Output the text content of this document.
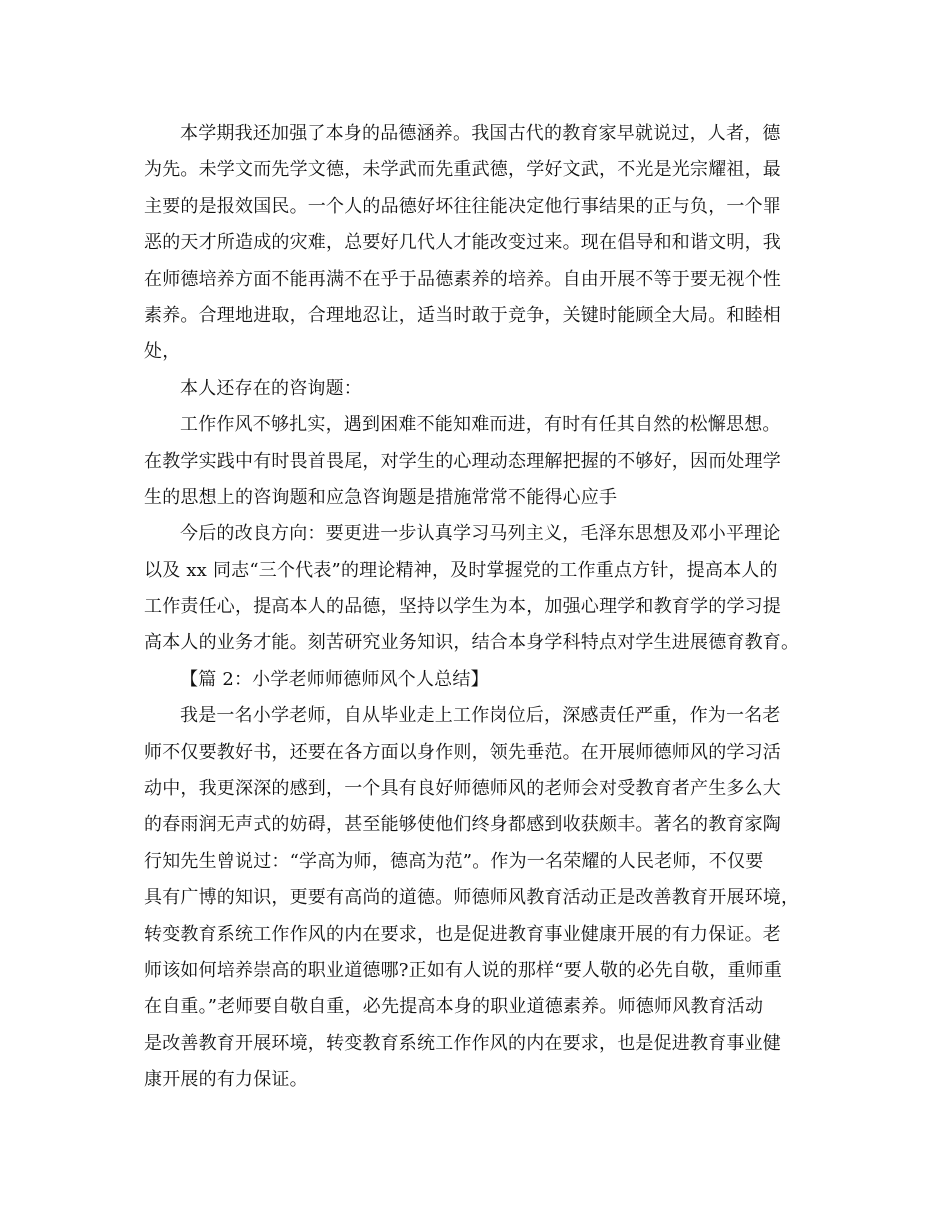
本学期我还加强了本身的品德涵养。我国古代的教育家早就说过，人者，德
为先。未学文而先学文德，未学武而先重武德，学好文武，不光是光宗耀祖，最
主要的是报效国民。一个人的品德好坏往往能决定他行事结果的正与负，一个罪
恶的天才所造成的灾难，总要好几代人才能改变过来。现在倡导和和谐文明，我
在师德培养方面不能再满不在乎于品德素养的培养。自由开展不等于要无视个性
素养。合理地进取，合理地忍让，适当时敢于竞争，关键时能顾全大局。和睦相
处，
本人还存在的咨询题：
工作作风不够扎实，遇到困难不能知难而进，有时有任其自然的松懈思想。
在教学实践中有时畏首畏尾，对学生的心理动态理解把握的不够好，因而处理学
生的思想上的咨询题和应急咨询题是措施常常不能得心应手
今后的改良方向：要更进一步认真学习马列主义，毛泽东思想及邓小平理论
以及 xx 同志“三个代表”的理论精神，及时掌握党的工作重点方针，提高本人的
工作责任心，提高本人的品德，坚持以学生为本，加强心理学和教育学的学习提
高本人的业务才能。刻苦研究业务知识，结合本身学科特点对学生进展德育教育。
【篇 2：小学老师师德师风个人总结】
我是一名小学老师，自从毕业走上工作岗位后，深感责任严重，作为一名老
师不仅要教好书，还要在各方面以身作则，领先垂范。在开展师德师风的学习活
动中，我更深深的感到，一个具有良好师德师风的老师会对受教育者产生多么大
的春雨润无声式的妨碍，甚至能够使他们终身都感到收获颇丰。著名的教育家陶
行知先生曾说过：“学高为师，德高为范”。作为一名荣耀的人民老师，不仅要
具有广博的知识，更要有高尚的道德。师德师风教育活动正是改善教育开展环境，
转变教育系统工作作风的内在要求，也是促进教育事业健康开展的有力保证。老
师该如何培养崇高的职业道德哪?正如有人说的那样“要人敬的必先自敬，重师重
在自重。”老师要自敬自重，必先提高本身的职业道德素养。师德师风教育活动
是改善教育开展环境，转变教育系统工作作风的内在要求，也是促进教育事业健
康开展的有力保证。
